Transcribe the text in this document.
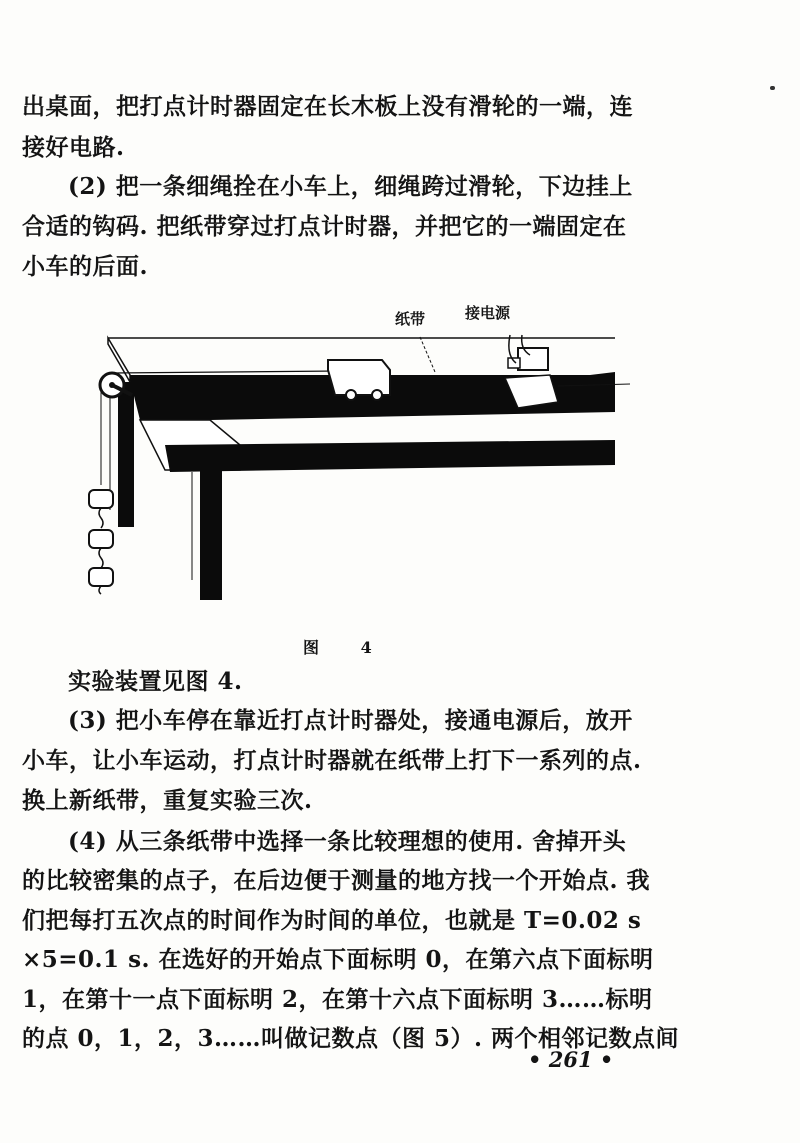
出桌面，把打点计时器固定在长木板上没有滑轮的一端，连
接好电路.
(2) 把一条细绳拴在小车上，细绳跨过滑轮，下边挂上
合适的钩码. 把纸带穿过打点计时器，并把它的一端固定在
小车的后面.
纸带	接电源
图 4
实验装置见图 4.
(3) 把小车停在靠近打点计时器处，接通电源后，放开
小车，让小车运动，打点计时器就在纸带上打下一系列的点.
换上新纸带，重复实验三次.
(4) 从三条纸带中选择一条比较理想的使用. 舍掉开头
的比较密集的点子，在后边便于测量的地方找一个开始点. 我
们把每打五次点的时间作为时间的单位，也就是 T=0.02 s
×5=0.1 s. 在选好的开始点下面标明 0，在第六点下面标明
1，在第十一点下面标明 2，在第十六点下面标明 3……标明
的点 0，1，2，3……叫做记数点（图 5）. 两个相邻记数点间
• 261 •
